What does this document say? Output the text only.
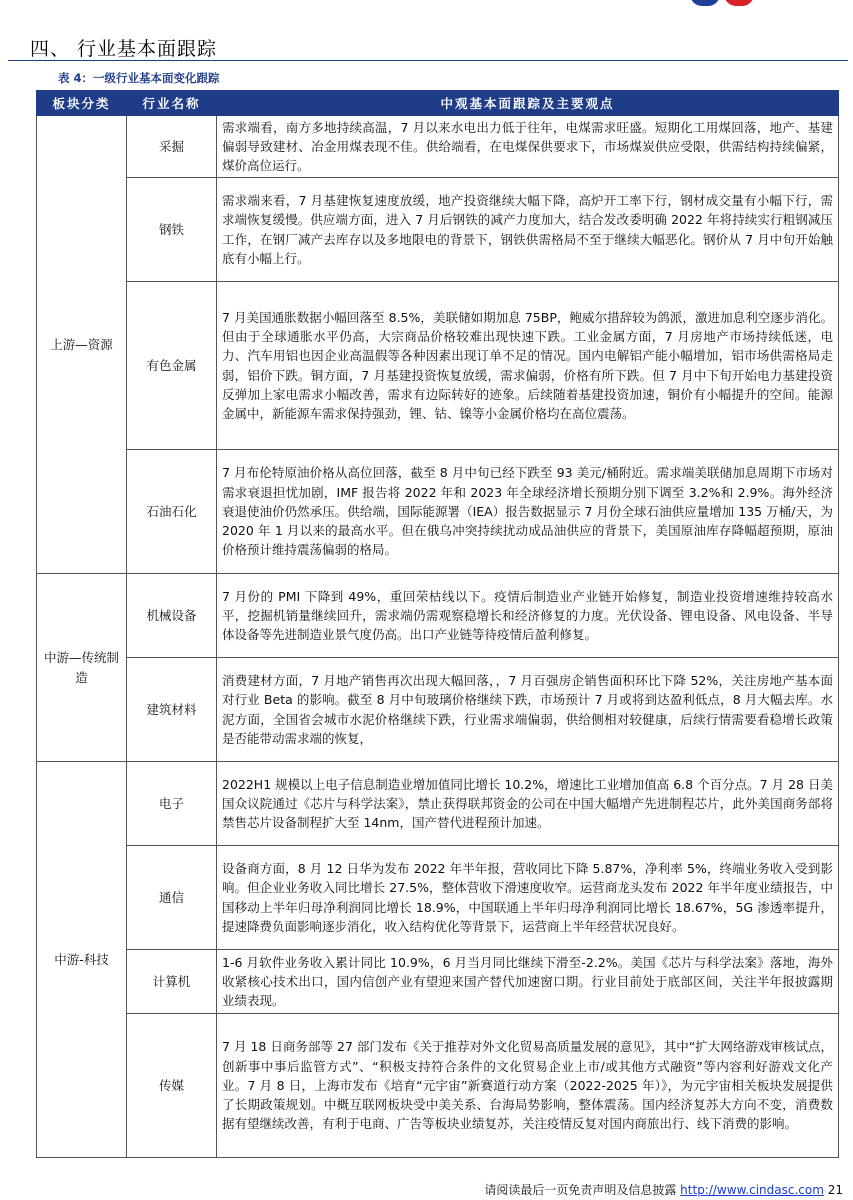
四、 行业基本面跟踪
表 4：一级行业基本面变化跟踪
板块分类	行业名称	中观基本面跟踪及主要观点
上游—资源	采掘	需求端看，南方多地持续高温，7 月以来水电出力低于往年，电煤需求旺盛。短期化工用煤回落，地产、基建偏弱导致建材、冶金用煤表现不佳。供给端看，在电煤保供要求下，市场煤炭供应受限，供需结构持续偏紧，煤价高位运行。
	钢铁	需求端来看，7 月基建恢复速度放缓，地产投资继续大幅下降，高炉开工率下行，钢材成交量有小幅下行，需求端恢复缓慢。供应端方面，进入 7 月后钢铁的减产力度加大，结合发改委明确 2022 年将持续实行粗钢减压工作，在钢厂减产去库存以及多地限电的背景下，钢铁供需格局不至于继续大幅恶化。钢价从 7 月中旬开始触底有小幅上行。
	有色金属	7 月美国通胀数据小幅回落至 8.5%，美联储如期加息 75BP，鲍威尔措辞较为鸽派，激进加息利空逐步消化。但由于全球通胀水平仍高，大宗商品价格较难出现快速下跌。工业金属方面，7 月房地产市场持续低迷，电力、汽车用铝也因企业高温假等各种因素出现订单不足的情况。国内电解铝产能小幅增加，铝市场供需格局走弱，铝价下跌。铜方面，7 月基建投资恢复放缓，需求偏弱，价格有所下跌。但 7 月中下旬开始电力基建投资反弹加上家电需求小幅改善，需求有边际转好的迹象。后续随着基建投资加速，铜价有小幅提升的空间。能源金属中，新能源车需求保持强劲，锂、钴、镍等小金属价格均在高位震荡。
	石油石化	7 月布伦特原油价格从高位回落，截至 8 月中旬已经下跌至 93 美元/桶附近。需求端美联储加息周期下市场对需求衰退担忧加剧，IMF 报告将 2022 年和 2023 年全球经济增长预期分别下调至 3.2%和 2.9%。海外经济衰退使油价仍然承压。供给端，国际能源署（IEA）报告数据显示 7 月份全球石油供应量增加 135 万桶/天，为 2020 年 1 月以来的最高水平。但在俄乌冲突持续扰动成品油供应的背景下，美国原油库存降幅超预期，原油价格预计维持震荡偏弱的格局。
中游—传统制造	机械设备	7 月份的 PMI 下降到 49%，重回荣枯线以下。疫情后制造业产业链开始修复，制造业投资增速维持较高水平，挖掘机销量继续回升，需求端仍需观察稳增长和经济修复的力度。光伏设备、锂电设备、风电设备、半导体设备等先进制造业景气度仍高。出口产业链等待疫情后盈利修复。
	建筑材料	消费建材方面，7 月地产销售再次出现大幅回落，，7 月百强房企销售面积环比下降 52%，关注房地产基本面对行业 Beta 的影响。截至 8 月中旬玻璃价格继续下跌，市场预计 7 月或将到达盈利低点，8 月大幅去库。水泥方面，全国省会城市水泥价格继续下跌，行业需求端偏弱，供给侧相对较健康，后续行情需要看稳增长政策是否能带动需求端的恢复，
中游-科技	电子	2022H1 规模以上电子信息制造业增加值同比增长 10.2%，增速比工业增加值高 6.8 个百分点。7 月 28 日美国众议院通过《芯片与科学法案》，禁止获得联邦资金的公司在中国大幅增产先进制程芯片，此外美国商务部将禁售芯片设备制程扩大至 14nm，国产替代进程预计加速。
	通信	设备商方面，8 月 12 日华为发布 2022 年半年报，营收同比下降 5.87%，净利率 5%，终端业务收入受到影响。但企业业务收入同比增长 27.5%，整体营收下滑速度收窄。运营商龙头发布 2022 年半年度业绩报告，中国移动上半年归母净利润同比增长 18.9%，中国联通上半年归母净利润同比增长 18.67%，5G 渗透率提升，提速降费负面影响逐步消化，收入结构优化等背景下，运营商上半年经营状况良好。
	计算机	1-6 月软件业务收入累计同比 10.9%，6 月当月同比继续下滑至-2.2%。美国《芯片与科学法案》落地，海外收紧核心技术出口，国内信创产业有望迎来国产替代加速窗口期。行业目前处于底部区间，关注半年报披露期业绩表现。
	传媒	7 月 18 日商务部等 27 部门发布《关于推荐对外文化贸易高质量发展的意见》，其中“扩大网络游戏审核试点，创新事中事后监管方式”、“积极支持符合条件的文化贸易企业上市/或其他方式融资”等内容利好游戏文化产业。7 月 8 日，上海市发布《培育“元宇宙”新赛道行动方案（2022-2025 年）》，为元宇宙相关板块发展提供了长期政策规划。中概互联网板块受中美关系、台海局势影响，整体震荡。国内经济复苏大方向不变，消费数据有望继续改善，有利于电商、广告等板块业绩复苏，关注疫情反复对国内商旅出行、线下消费的影响。
请阅读最后一页免责声明及信息披露 http://www.cindasc.com 21
